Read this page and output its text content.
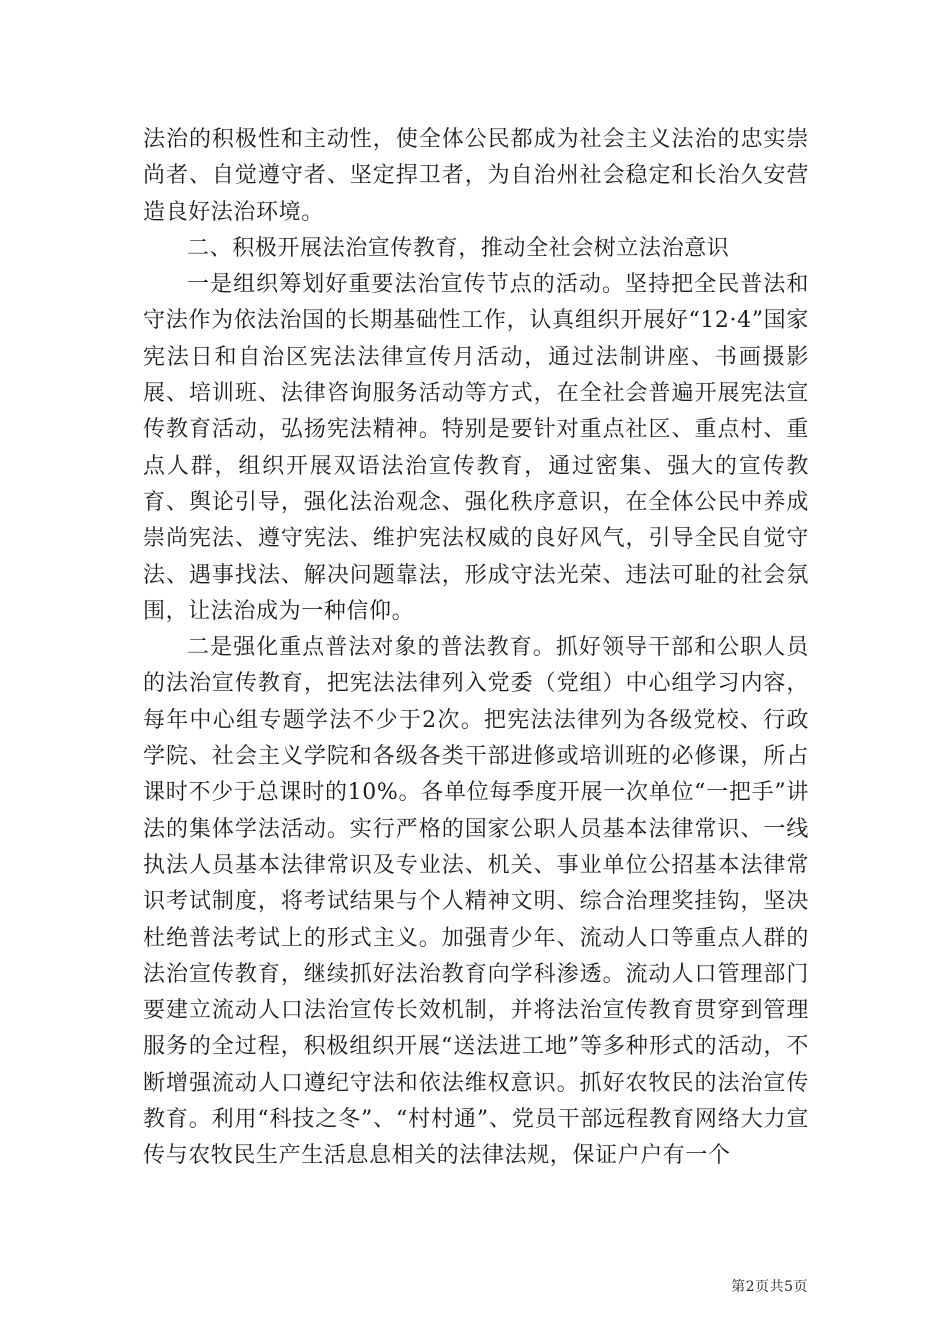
法治的积极性和主动性，使全体公民都成为社会主义法治的忠实崇尚者、自觉遵守者、坚定捍卫者，为自治州社会稳定和长治久安营造良好法治环境。

二、积极开展法治宣传教育，推动全社会树立法治意识

一是组织筹划好重要法治宣传节点的活动。坚持把全民普法和守法作为依法治国的长期基础性工作，认真组织开展好“12·4”国家宪法日和自治区宪法法律宣传月活动，通过法制讲座、书画摄影展、培训班、法律咨询服务活动等方式，在全社会普遍开展宪法宣传教育活动，弘扬宪法精神。特别是要针对重点社区、重点村、重点人群，组织开展双语法治宣传教育，通过密集、强大的宣传教育、舆论引导，强化法治观念、强化秩序意识，在全体公民中养成崇尚宪法、遵守宪法、维护宪法权威的良好风气，引导全民自觉守法、遇事找法、解决问题靠法，形成守法光荣、违法可耻的社会氛围，让法治成为一种信仰。

二是强化重点普法对象的普法教育。抓好领导干部和公职人员的法治宣传教育，把宪法法律列入党委（党组）中心组学习内容，每年中心组专题学法不少于2次。把宪法法律列为各级党校、行政学院、社会主义学院和各级各类干部进修或培训班的必修课，所占课时不少于总课时的10%。各单位每季度开展一次单位“一把手”讲法的集体学法活动。实行严格的国家公职人员基本法律常识、一线执法人员基本法律常识及专业法、机关、事业单位公招基本法律常识考试制度，将考试结果与个人精神文明、综合治理奖挂钩，坚决杜绝普法考试上的形式主义。加强青少年、流动人口等重点人群的法治宣传教育，继续抓好法治教育向学科渗透。流动人口管理部门要建立流动人口法治宣传长效机制，并将法治宣传教育贯穿到管理服务的全过程，积极组织开展“送法进工地”等多种形式的活动，不断增强流动人口遵纪守法和依法维权意识。抓好农牧民的法治宣传教育。利用“科技之冬”、“村村通”、党员干部远程教育网络大力宣传与农牧民生产生活息息相关的法律法规，保证户户有一个

第2页共5页
